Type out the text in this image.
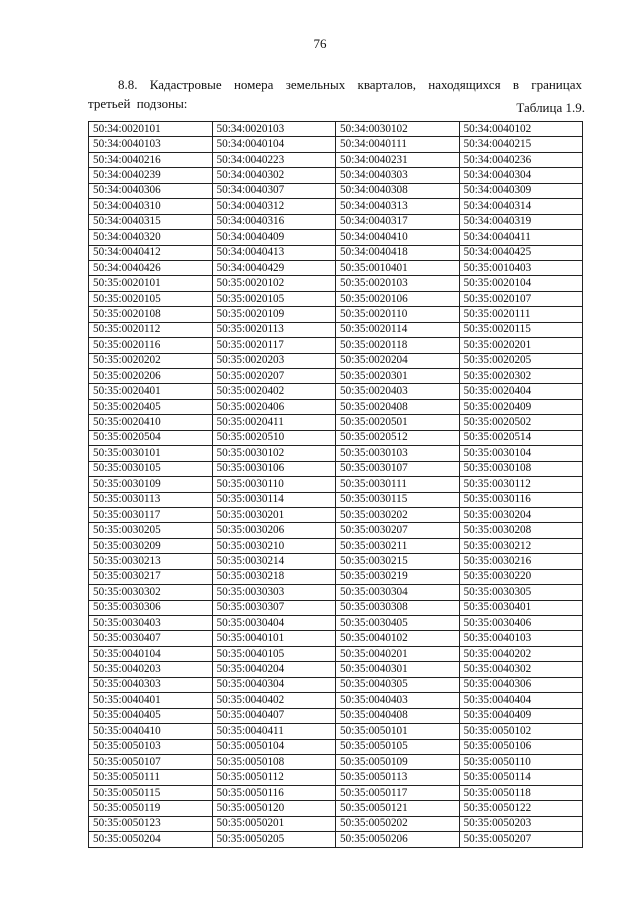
76

8.8. Кадастровые номера земельных кварталов, находящихся в границах третьей подзоны:	Таблица 1.9.
50:34:0020101	50:34:0020103	50:34:0030102	50:34:0040102
50:34:0040103	50:34:0040104	50:34:0040111	50:34:0040215
50:34:0040216	50:34:0040223	50:34:0040231	50:34:0040236
50:34:0040239	50:34:0040302	50:34:0040303	50:34:0040304
50:34:0040306	50:34:0040307	50:34:0040308	50:34:0040309
50:34:0040310	50:34:0040312	50:34:0040313	50:34:0040314
50:34:0040315	50:34:0040316	50:34:0040317	50:34:0040319
50:34:0040320	50:34:0040409	50:34:0040410	50:34:0040411
50:34:0040412	50:34:0040413	50:34:0040418	50:34:0040425
50:34:0040426	50:34:0040429	50:35:0010401	50:35:0010403
50:35:0020101	50:35:0020102	50:35:0020103	50:35:0020104
50:35:0020105	50:35:0020105	50:35:0020106	50:35:0020107
50:35:0020108	50:35:0020109	50:35:0020110	50:35:0020111
50:35:0020112	50:35:0020113	50:35:0020114	50:35:0020115
50:35:0020116	50:35:0020117	50:35:0020118	50:35:0020201
50:35:0020202	50:35:0020203	50:35:0020204	50:35:0020205
50:35:0020206	50:35:0020207	50:35:0020301	50:35:0020302
50:35:0020401	50:35:0020402	50:35:0020403	50:35:0020404
50:35:0020405	50:35:0020406	50:35:0020408	50:35:0020409
50:35:0020410	50:35:0020411	50:35:0020501	50:35:0020502
50:35:0020504	50:35:0020510	50:35:0020512	50:35:0020514
50:35:0030101	50:35:0030102	50:35:0030103	50:35:0030104
50:35:0030105	50:35:0030106	50:35:0030107	50:35:0030108
50:35:0030109	50:35:0030110	50:35:0030111	50:35:0030112
50:35:0030113	50:35:0030114	50:35:0030115	50:35:0030116
50:35:0030117	50:35:0030201	50:35:0030202	50:35:0030204
50:35:0030205	50:35:0030206	50:35:0030207	50:35:0030208
50:35:0030209	50:35:0030210	50:35:0030211	50:35:0030212
50:35:0030213	50:35:0030214	50:35:0030215	50:35:0030216
50:35:0030217	50:35:0030218	50:35:0030219	50:35:0030220
50:35:0030302	50:35:0030303	50:35:0030304	50:35:0030305
50:35:0030306	50:35:0030307	50:35:0030308	50:35:0030401
50:35:0030403	50:35:0030404	50:35:0030405	50:35:0030406
50:35:0030407	50:35:0040101	50:35:0040102	50:35:0040103
50:35:0040104	50:35:0040105	50:35:0040201	50:35:0040202
50:35:0040203	50:35:0040204	50:35:0040301	50:35:0040302
50:35:0040303	50:35:0040304	50:35:0040305	50:35:0040306
50:35:0040401	50:35:0040402	50:35:0040403	50:35:0040404
50:35:0040405	50:35:0040407	50:35:0040408	50:35:0040409
50:35:0040410	50:35:0040411	50:35:0050101	50:35:0050102
50:35:0050103	50:35:0050104	50:35:0050105	50:35:0050106
50:35:0050107	50:35:0050108	50:35:0050109	50:35:0050110
50:35:0050111	50:35:0050112	50:35:0050113	50:35:0050114
50:35:0050115	50:35:0050116	50:35:0050117	50:35:0050118
50:35:0050119	50:35:0050120	50:35:0050121	50:35:0050122
50:35:0050123	50:35:0050201	50:35:0050202	50:35:0050203
50:35:0050204	50:35:0050205	50:35:0050206	50:35:0050207
